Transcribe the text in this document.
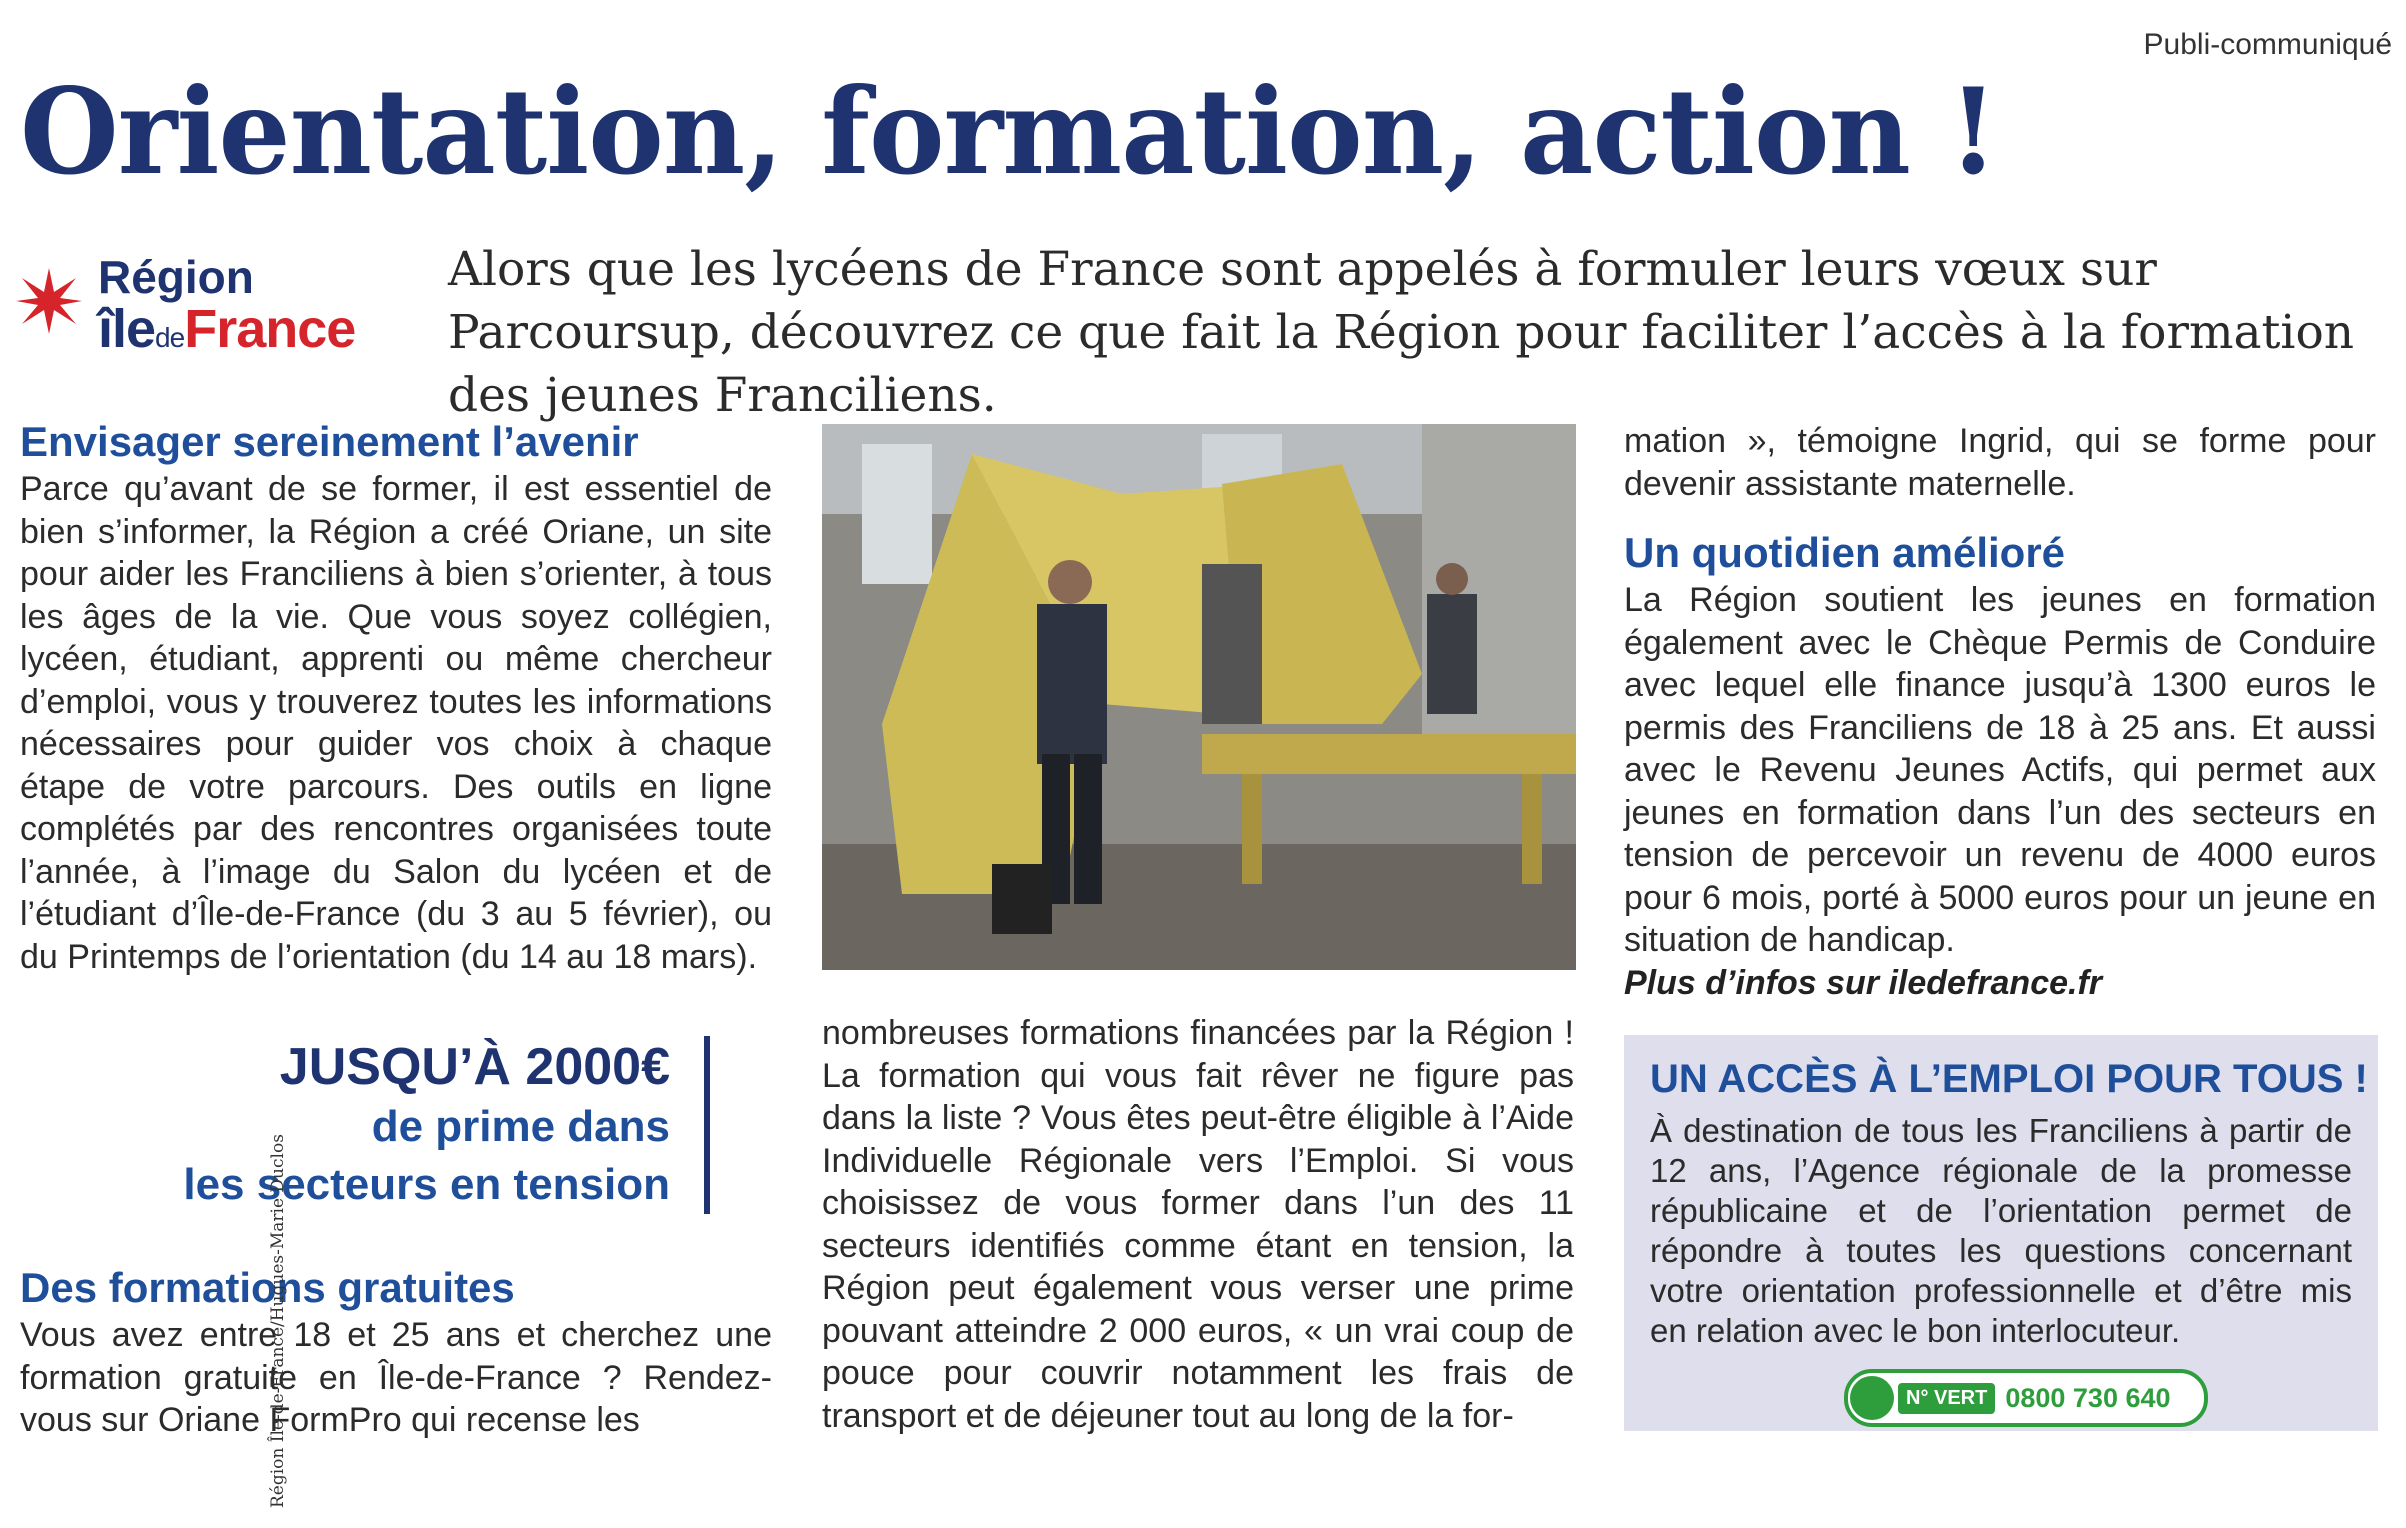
Publi-communiqué
Orientation, formation, action !
Région
îledeFrance

Alors que les lycéens de France sont appelés à formuler leurs vœux sur Parcoursup, découvrez ce que fait la Région pour faciliter l’accès à la formation des jeunes Franciliens.

Envisager sereinement l’avenir

Parce qu’avant de se former, il est essentiel de bien s’informer, la Région a créé Oriane, un site pour aider les Franciliens à bien s’orienter, à tous les âges de la vie. Que vous soyez collégien, lycéen, étudiant, apprenti ou même chercheur d’emploi, vous y trouverez toutes les informations nécessaires pour guider vos choix à chaque étape de votre parcours. Des outils en ligne complétés par des rencontres organisées toute l’année, à l’image du Salon du lycéen et de l’étudiant d’Île-de-France (du 3 au 5 février), ou du Printemps de l’orientation (du 14 au 18 mars).

JUSQU’À 2000€
de prime dans
les secteurs en tension
Des formations gratuites

Vous avez entre 18 et 25 ans et cherchez une formation gratuite en Île-de-France ? Rendez-vous sur Oriane FormPro qui recense les

Région Île-de-France/Hugues-Marie Duclos

nombreuses formations financées par la Région ! La formation qui vous fait rêver ne figure pas dans la liste ? Vous êtes peut-être éligible à l’Aide Individuelle Régionale vers l’Emploi. Si vous choisissez de vous former dans l’un des 11 secteurs identifiés comme étant en tension, la Région peut également vous verser une prime pouvant atteindre 2 000 euros, « un vrai coup de pouce pour couvrir notamment les frais de transport et de déjeuner tout au long de la for-

mation », témoigne Ingrid, qui se forme pour devenir assistante maternelle.

Un quotidien amélioré

La Région soutient les jeunes en formation également avec le Chèque Permis de Conduire avec lequel elle finance jusqu’à 1300 euros le permis des Franciliens de 18 à 25 ans. Et aussi avec le Revenu Jeunes Actifs, qui permet aux jeunes en formation dans l’un des secteurs en tension de percevoir un revenu de 4000 euros pour 6 mois, porté à 5000 euros pour un jeune en situation de handicap.

Plus d’infos sur iledefrance.fr

UN ACCÈS À L’EMPLOI POUR TOUS !

À destination de tous les Franciliens à partir de 12 ans, l’Agence régionale de la promesse républicaine et de l’orientation permet de répondre à toutes les questions concernant votre orientation professionnelle et d’être mis en relation avec le bon interlocuteur.

N° VERT 0800 730 640
